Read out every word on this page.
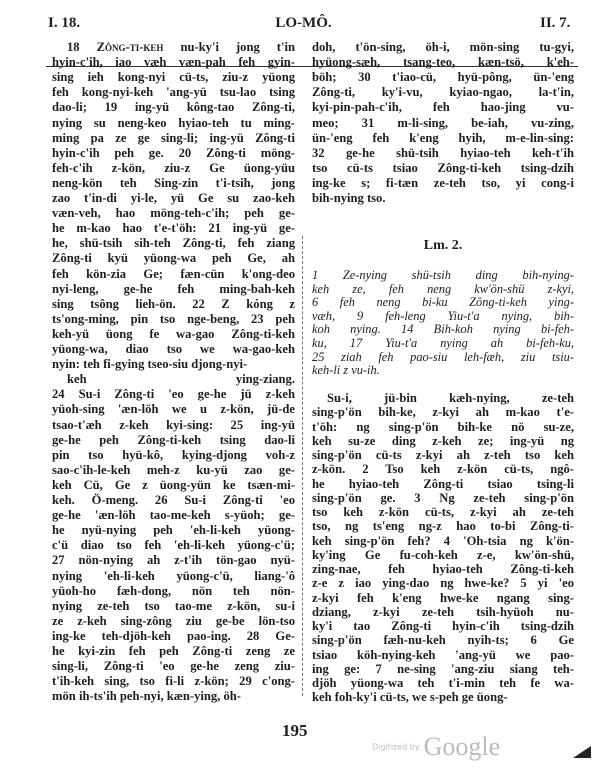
I. 18.	LO-MÔ.	II. 7.
18 Zông-ti-keh nu-ky'i jong t'in
hyin-c'ih, iao væh væn-pah feh gyin-
sing ieh kong-nyi cü-ts, ziu-z yüong
feh kong-nyi-keh 'ang-yü tsu-lao tsing
dao-li; 19 ing-yü kông-tao Zông-ti,
nying su neng-keo hyiao-teh tu ming-
ming pa ze ge sing-li; ing-yü Zông-ti
hyin-c'ih peh ge. 20 Zông-ti möng-
feh-c'ih z-kön, ziu-z Ge üong-yüu
neng-kön teh Sing-zin t'i-tsih, jong
zao t'in-di yi-le, yü Ge su zao-keh
væn-veh, hao möng-teh-c'ih; peh ge-
he m-kao hao t'e-t'öh: 21 ing-yü ge-
he, shü-tsih sih-teh Zông-ti, feh ziang
Zông-ti kyü yüong-wa peh Ge, ah
feh kön-zia Ge; fæn-cün k'ong-deo
nyi-leng, ge-he feh ming-bah-keh
sing tsông lieh-ön. 22 Z kóng z
ts'ong-ming, pin tso nge-beng, 23 peh
keh-yü üong fe wa-gao Zông-ti-keh
yüong-wa, diao tso we wa-gao-keh
nyin: teh fi-gying tseo-siu djong-nyi-
keh ying-ziang.
24 Su-i Zông-ti 'eo ge-he jü z-keh
yüoh-sing 'æn-löh we u z-kön, jü-de
tsao-t'æh z-keh kyi-sing: 25 ing-yü
ge-he peh Zông-ti-keh tsing dao-li
pin tso hyü-kô, kying-djong voh-z
sao-c'ih-le-keh meh-z ku-yü zao ge-
keh Cü, Ge z üong-yün ke tsæn-mi-
keh. Ö-meng. 26 Su-i Zông-ti 'eo
ge-he 'æn-löh tao-me-keh s-yüoh; ge-
he nyü-nying peh 'eh-li-keh yüong-
c'ü diao tso feh 'eh-li-keh yüong-c'ü;
27 nön-nying ah z-t'ih tön-gao nyü-
nying 'eh-li-keh yüong-c'ü, liang-'ô
yüoh-ho fæh-dong, nön teh nön-
nying ze-teh tso tao-me z-kön, su-i
ze z-keh sing-zông ziu ge-be lön-tso
ing-ke teh-djöh-keh pao-ing. 28 Ge-
he kyi-zin feh peh Zông-ti zeng ze
sing-li, Zông-ti 'eo ge-he zeng ziu-
t'ih-keh sing, tso fi-li z-kön; 29 c'ong-
mön ih-ts'ih peh-nyi, kæn-ying, öh-
doh, t'ön-sing, öh-i, mön-sing tu-gyi,
hyüong-sæh, tsang-teo, kæn-tsö, k'eh-
böh; 30 t'iao-cü, hyü-pông, ün-'eng
Zông-ti, ky'i-vu, kyiao-ngao, la-t'in,
kyi-pin-pah-c'ih, feh hao-jing vu-
meo; 31 m-li-sing, be-iah, vu-zing,
ün-'eng feh k'eng hyih, m-e-lin-sing:
32 ge-he shü-tsih hyiao-teh keh-t'ih
tso cü-ts tsiao Zông-ti-keh tsing-dzih
ing-ke s; fi-tæn ze-teh tso, yi cong-i
bih-nying tso.
Lm. 2.
1 Ze-nying shü-tsih ding bih-nying-
keh ze, feh neng kw'ön-shü z-kyi,
6 feh neng bi-ku Zông-ti-keh ying-
væh, 9 feh-leng Yiu-t'a nying, bih-
koh nying. 14 Bih-koh nying bi-feh-
ku, 17 Yiu-t'a nying ah bi-feh-ku,
25 ziah feh pao-siu leh-fæh, ziu tsiu-
keh-li z vu-ih.
Su-i, jü-bin kæh-nying, ze-teh
sing-p'ön bih-ke, z-kyi ah m-kao t'e-
t'öh: ng sing-p'ön bih-ke nö su-ze,
keh su-ze ding z-keh ze; ing-yü ng
sing-p'ön cü-ts z-kyi ah z-teh tso keh
z-kön. 2 Tso keh z-kön cü-ts, ngô-
he hyiao-teh Zông-ti tsiao tsing-li
sing-p'ön ge. 3 Ng ze-teh sing-p'ön
tso keh z-kön cü-ts, z-kyi ah ze-teh
tso, ng ts'eng ng-z hao to-bi Zông-ti-
keh sing-p'ön feh? 4 'Oh-tsia ng k'ön-
ky'ing Ge fu-coh-keh z-e, kw'ön-shü,
zing-nae, feh hyiao-teh Zông-ti-keh
z-e z iao ying-dao ng hwe-ke? 5 yi 'eo
z-kyi feh k'eng hwe-ke ngang sing-
dziang, z-kyi ze-teh tsih-hyüoh nu-
ky'i tao Zông-ti hyin-c'ih tsing-dzih
sing-p'ön fæh-nu-keh nyih-ts; 6 Ge
tsiao köh-nying-keh 'ang-yü we pao-
ing ge: 7 ne-sing 'ang-ziu siang teh-
djöh yüong-wa teh t'i-min teh fe wa-
keh foh-ky'i cü-ts, we s-peh ge üong-
195
Digitized by Google
